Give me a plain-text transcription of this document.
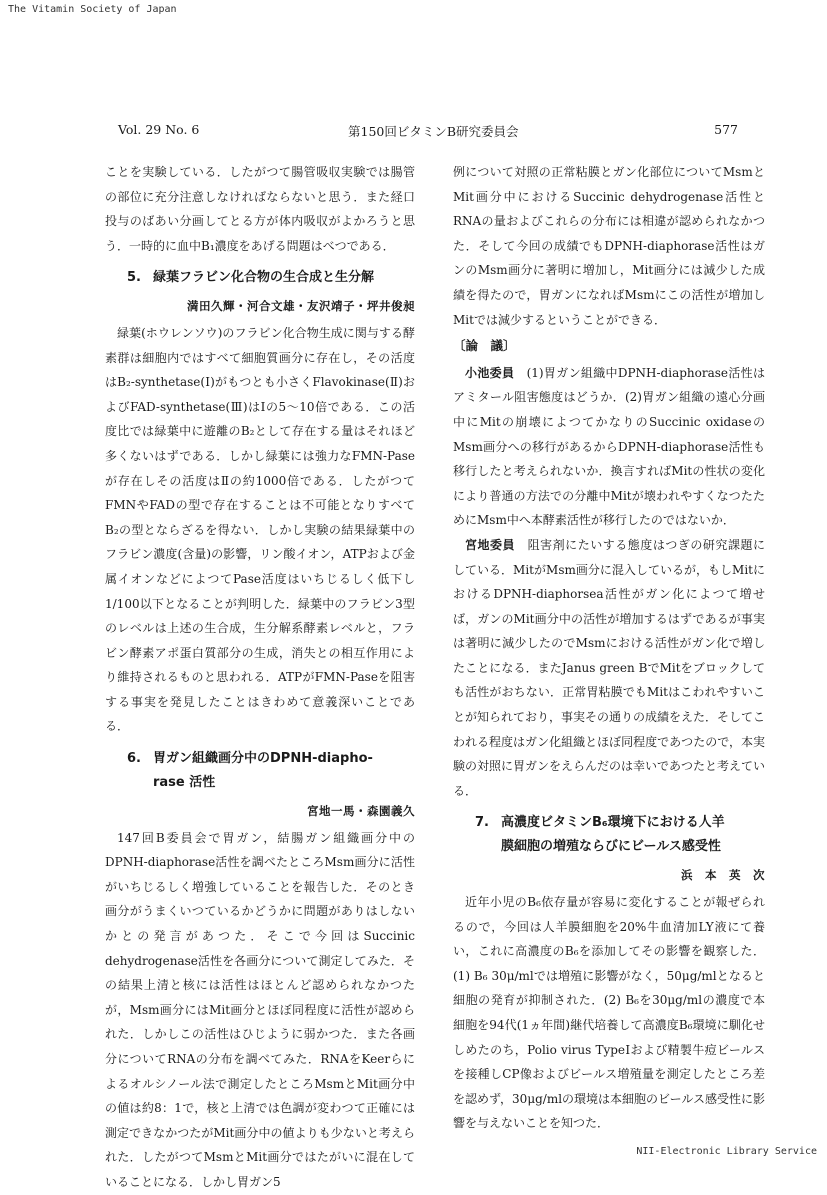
The Vitamin Society of Japan
Vol. 29 No. 6	第150回ビタミンB研究委員会	577

ことを実験している．したがつて腸管吸収実験では腸管の部位に充分注意しなければならないと思う．また経口投与のばあい分画してとる方が体内吸収がよかろうと思う．一時的に血中B₁濃度をあげる問題はべつである．

5. 緑葉フラビン化合物の生合成と生分解
満田久輝・河合文雄・友沢靖子・坪井俊昶

緑葉(ホウレンソウ)のフラビン化合物生成に関与する酵素群は細胞内ではすべて細胞質画分に存在し，その活度はB₂-synthetase(Ⅰ)がもつとも小さくFlavokinase(Ⅱ)およびFAD-synthetase(Ⅲ)はⅠの5～10倍である．この活度比では緑葉中に遊離のB₂として存在する量はそれほど多くないはずである．しかし緑葉には強力なFMN-Paseが存在しその活度はⅡの約1000倍である．したがつてFMNやFADの型で存在することは不可能となりすべてB₂の型とならざるを得ない．しかし実験の結果緑葉中のフラビン濃度(含量)の影響，リン酸イオン，ATPおよび金属イオンなどによつてPase活度はいちじるしく低下し1/100以下となることが判明した．緑葉中のフラビン3型のレベルは上述の生合成，生分解系酵素レベルと，フラビン酵素アポ蛋白質部分の生成，消失との相互作用により維持されるものと思われる．ATPがFMN-Paseを阻害する事実を発見したことはきわめて意義深いことである．

6. 胃ガン組織画分中のDPNH-diapho-
rase 活性
宮地一馬・森園義久

147回B委員会で胃ガン，結腸ガン組織画分中のDPNH-diaphorase活性を調べたところMsm画分に活性がいちじるしく増強していることを報告した．そのとき画分がうまくいつているかどうかに問題がありはしないかとの発言があつた．そこで今回はSuccinic dehydrogenase活性を各画分について測定してみた．その結果上清と核には活性はほとんど認められなかつたが，Msm画分にはMit画分とほぼ同程度に活性が認められた．しかしこの活性はひじように弱かつた．また各画分についてRNAの分布を調べてみた．RNAをKeerらによるオルシノール法で測定したところMsmとMit画分中の値は約8：1で，核と上清では色調が変わつて正確には測定できなかつたがMit画分中の値よりも少ないと考えられた．したがつてMsmとMit画分ではたがいに混在していることになる．しかし胃ガン5

例について対照の正常粘膜とガン化部位についてMsmとMit画分中におけるSuccinic dehydrogenase活性とRNAの量およびこれらの分布には相違が認められなかつた．そして今回の成績でもDPNH-diaphorase活性はガンのMsm画分に著明に増加し，Mit画分には減少した成績を得たので，胃ガンになればMsmにこの活性が増加しMitでは減少するということができる．

〔論　議〕

小池委員　 (1)胃ガン組織中DPNH-diaphorase活性はアミタール阻害態度はどうか．(2)胃ガン組織の遠心分画中にMitの崩壊によつてかなりのSuccinic oxidaseのMsm画分への移行があるからDPNH-diaphorase活性も移行したと考えられないか．換言すればMitの性状の変化により普通の方法での分離中Mitが壊われやすくなつたためにMsm中へ本酵素活性が移行したのではないか．

宮地委員　 阻害剤にたいする態度はつぎの研究課題にしている．MitがMsm画分に混入しているが，もしMitにおけるDPNH-diaphorsea活性がガン化によつて増せば，ガンのMit画分中の活性が増加するはずであるが事実は著明に減少したのでMsmにおける活性がガン化で増したことになる．またJanus green BでMitをブロックしても活性がおちない．正常胃粘膜でもMitはこわれやすいことが知られており，事実その通りの成績をえた．そしてこわれる程度はガン化組織とほぼ同程度であつたので，本実験の対照に胃ガンをえらんだのは幸いであつたと考えている．

7. 高濃度ビタミンB₆環境下における人羊
膜細胞の増殖ならびにビールス感受性
浜　本　英　次

近年小児のB₆依存量が容易に変化することが報ぜられるので，今回は人羊膜細胞を20%牛血清加LY液にて養い，これに高濃度のB₆を添加してその影響を観察した．(1) B₆ 30μ/mlでは増殖に影響がなく，50μg/mlとなると細胞の発育が抑制された．(2) B₆を30μg/mlの濃度で本細胞を94代(1ヵ年間)継代培養して高濃度B₆環境に馴化せしめたのち，Polio virus TypeⅠおよび精製牛痘ビールスを接種しCP像およびビールス増殖量を測定したところ差を認めず，30μg/mlの環境は本細胞のビールス感受性に影響を与えないことを知つた．

NII-Electronic Library Service
